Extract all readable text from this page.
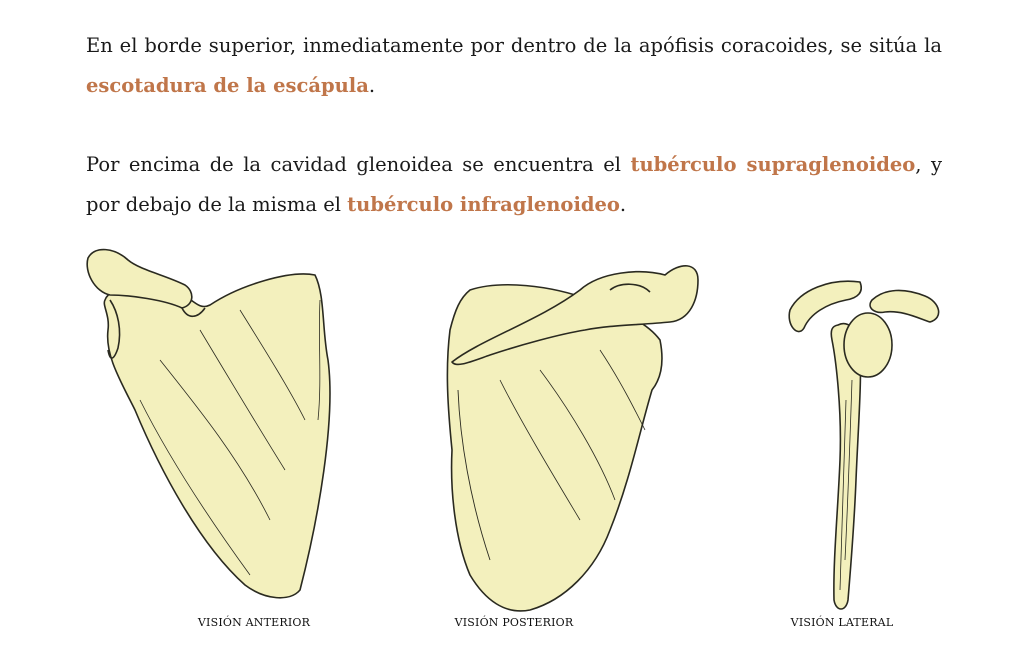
En el borde superior, inmediatamente por dentro de la apófisis coracoides, se sitúa la escotadura de la escápula.

Por encima de la cavidad glenoidea se encuentra el tubérculo supraglenoideo, y por debajo de la misma el tubérculo infraglenoideo.

VISIÓN ANTERIOR	VISIÓN POSTERIOR	VISIÓN LATERAL
